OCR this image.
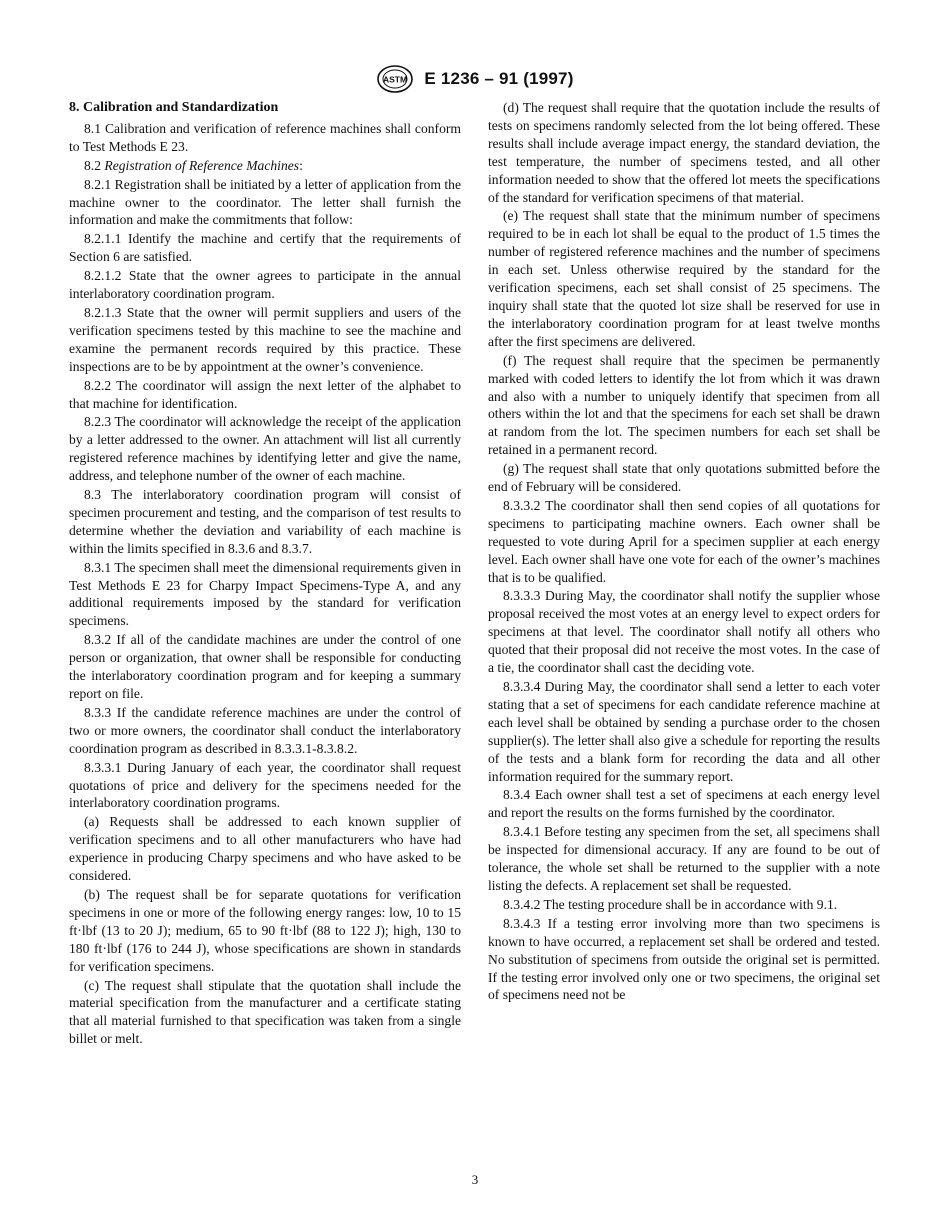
ASTM E 1236 – 91 (1997)
8. Calibration and Standardization

8.1 Calibration and verification of reference machines shall conform to Test Methods E 23.

8.2 Registration of Reference Machines:

8.2.1 Registration shall be initiated by a letter of application from the machine owner to the coordinator. The letter shall furnish the information and make the commitments that follow:

8.2.1.1 Identify the machine and certify that the requirements of Section 6 are satisfied.

8.2.1.2 State that the owner agrees to participate in the annual interlaboratory coordination program.

8.2.1.3 State that the owner will permit suppliers and users of the verification specimens tested by this machine to see the machine and examine the permanent records required by this practice. These inspections are to be by appointment at the owner’s convenience.

8.2.2 The coordinator will assign the next letter of the alphabet to that machine for identification.

8.2.3 The coordinator will acknowledge the receipt of the application by a letter addressed to the owner. An attachment will list all currently registered reference machines by identifying letter and give the name, address, and telephone number of the owner of each machine.

8.3 The interlaboratory coordination program will consist of specimen procurement and testing, and the comparison of test results to determine whether the deviation and variability of each machine is within the limits specified in 8.3.6 and 8.3.7.

8.3.1 The specimen shall meet the dimensional requirements given in Test Methods E 23 for Charpy Impact Specimens-Type A, and any additional requirements imposed by the standard for verification specimens.

8.3.2 If all of the candidate machines are under the control of one person or organization, that owner shall be responsible for conducting the interlaboratory coordination program and for keeping a summary report on file.

8.3.3 If the candidate reference machines are under the control of two or more owners, the coordinator shall conduct the interlaboratory coordination program as described in 8.3.3.1-8.3.8.2.

8.3.3.1 During January of each year, the coordinator shall request quotations of price and delivery for the specimens needed for the interlaboratory coordination programs.

(a) Requests shall be addressed to each known supplier of verification specimens and to all other manufacturers who have had experience in producing Charpy specimens and who have asked to be considered.

(b) The request shall be for separate quotations for verification specimens in one or more of the following energy ranges: low, 10 to 15 ft·lbf (13 to 20 J); medium, 65 to 90 ft·lbf (88 to 122 J); high, 130 to 180 ft·lbf (176 to 244 J), whose specifications are shown in standards for verification specimens.

(c) The request shall stipulate that the quotation shall include the material specification from the manufacturer and a certificate stating that all material furnished to that specification was taken from a single billet or melt.

(d) The request shall require that the quotation include the results of tests on specimens randomly selected from the lot being offered. These results shall include average impact energy, the standard deviation, the test temperature, the number of specimens tested, and all other information needed to show that the offered lot meets the specifications of the standard for verification specimens of that material.

(e) The request shall state that the minimum number of specimens required to be in each lot shall be equal to the product of 1.5 times the number of registered reference machines and the number of specimens in each set. Unless otherwise required by the standard for the verification specimens, each set shall consist of 25 specimens. The inquiry shall state that the quoted lot size shall be reserved for use in the interlaboratory coordination program for at least twelve months after the first specimens are delivered.

(f) The request shall require that the specimen be permanently marked with coded letters to identify the lot from which it was drawn and also with a number to uniquely identify that specimen from all others within the lot and that the specimens for each set shall be drawn at random from the lot. The specimen numbers for each set shall be retained in a permanent record.

(g) The request shall state that only quotations submitted before the end of February will be considered.

8.3.3.2 The coordinator shall then send copies of all quotations for specimens to participating machine owners. Each owner shall be requested to vote during April for a specimen supplier at each energy level. Each owner shall have one vote for each of the owner’s machines that is to be qualified.

8.3.3.3 During May, the coordinator shall notify the supplier whose proposal received the most votes at an energy level to expect orders for specimens at that level. The coordinator shall notify all others who quoted that their proposal did not receive the most votes. In the case of a tie, the coordinator shall cast the deciding vote.

8.3.3.4 During May, the coordinator shall send a letter to each voter stating that a set of specimens for each candidate reference machine at each level shall be obtained by sending a purchase order to the chosen supplier(s). The letter shall also give a schedule for reporting the results of the tests and a blank form for recording the data and all other information required for the summary report.

8.3.4 Each owner shall test a set of specimens at each energy level and report the results on the forms furnished by the coordinator.

8.3.4.1 Before testing any specimen from the set, all specimens shall be inspected for dimensional accuracy. If any are found to be out of tolerance, the whole set shall be returned to the supplier with a note listing the defects. A replacement set shall be requested.

8.3.4.2 The testing procedure shall be in accordance with 9.1.

8.3.4.3 If a testing error involving more than two specimens is known to have occurred, a replacement set shall be ordered and tested. No substitution of specimens from outside the original set is permitted. If the testing error involved only one or two specimens, the original set of specimens need not be

3
